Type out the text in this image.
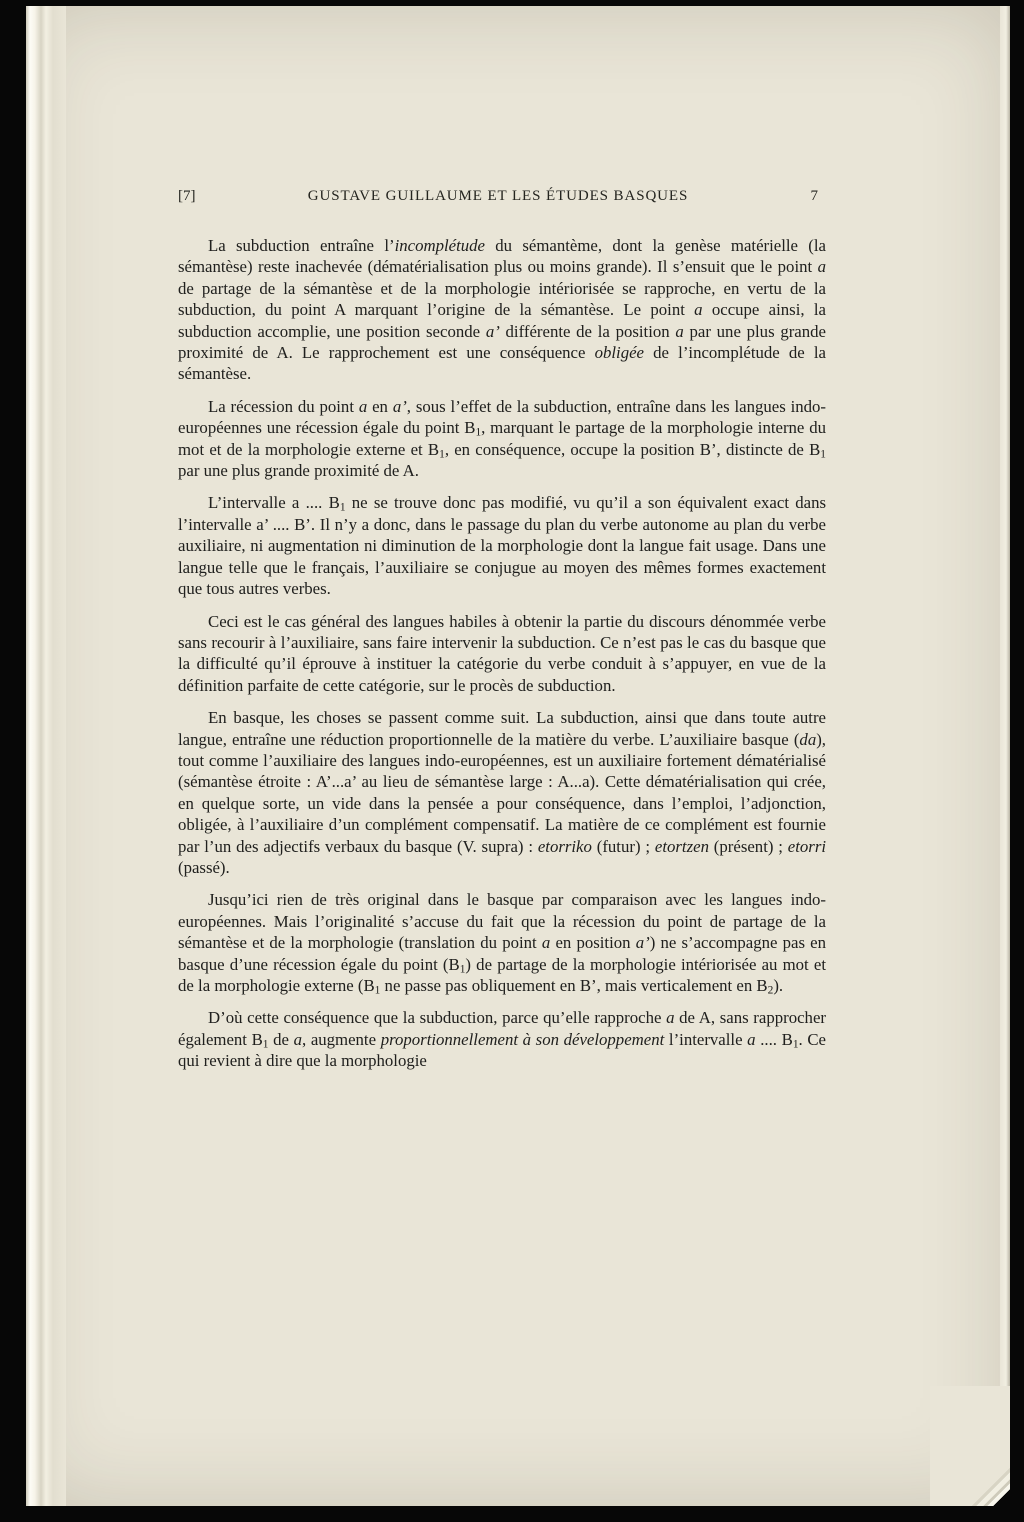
[7]	GUSTAVE GUILLAUME ET LES ÉTUDES BASQUES	7

La subduction entraîne l’incomplétude du sémantème, dont la genèse matérielle (la sémantèse) reste inachevée (dématérialisation plus ou moins grande). Il s’ensuit que le point a de partage de la sémantèse et de la morphologie intériorisée se rapproche, en vertu de la subduction, du point A marquant l’origine de la sémantèse. Le point a occupe ainsi, la subduction accomplie, une position seconde a’ différente de la position a par une plus grande proximité de A. Le rapprochement est une conséquence obligée de l’incomplétude de la sémantèse.

La récession du point a en a’, sous l’effet de la subduction, entraîne dans les langues indo-européennes une récession égale du point $B_1$, marquant le partage de la morphologie interne du mot et de la morphologie externe et $B_1$, en conséquence, occupe la position B’, distincte de $B_1$ par une plus grande proximité de A.

L’intervalle a .... $B_1$ ne se trouve donc pas modifié, vu qu’il a son équivalent exact dans l’intervalle a’ .... B’. Il n’y a donc, dans le passage du plan du verbe autonome au plan du verbe auxiliaire, ni augmentation ni diminution de la morphologie dont la langue fait usage. Dans une langue telle que le français, l’auxiliaire se conjugue au moyen des mêmes formes exactement que tous autres verbes.

Ceci est le cas général des langues habiles à obtenir la partie du discours dénommée verbe sans recourir à l’auxiliaire, sans faire intervenir la subduction. Ce n’est pas le cas du basque que la difficulté qu’il éprouve à instituer la catégorie du verbe conduit à s’appuyer, en vue de la définition parfaite de cette catégorie, sur le procès de subduction.

En basque, les choses se passent comme suit. La subduction, ainsi que dans toute autre langue, entraîne une réduction proportionnelle de la matière du verbe. L’auxiliaire basque (da), tout comme l’auxiliaire des langues indo-européennes, est un auxiliaire fortement dématérialisé (sémantèse étroite : A’...a’ au lieu de sémantèse large : A...a). Cette dématérialisation qui crée, en quelque sorte, un vide dans la pensée a pour conséquence, dans l’emploi, l’adjonction, obligée, à l’auxiliaire d’un complément compensatif. La matière de ce complément est fournie par l’un des adjectifs verbaux du basque (V. supra) : etorriko (futur) ; etortzen (présent) ; etorri (passé).

Jusqu’ici rien de très original dans le basque par comparaison avec les langues indo-européennes. Mais l’originalité s’accuse du fait que la récession du point de partage de la sémantèse et de la morphologie (translation du point a en position a’) ne s’accompagne pas en basque d’une récession égale du point $(B_1)$ de partage de la morphologie intériorisée au mot et de la morphologie externe ($B_1$ ne passe pas obliquement en B’, mais verticalement en $B_2$).

D’où cette conséquence que la subduction, parce qu’elle rapproche a de A, sans rapprocher également $B_1$ de a, augmente proportionnellement à son développement l’intervalle a .... $B_1$. Ce qui revient à dire que la morphologie
